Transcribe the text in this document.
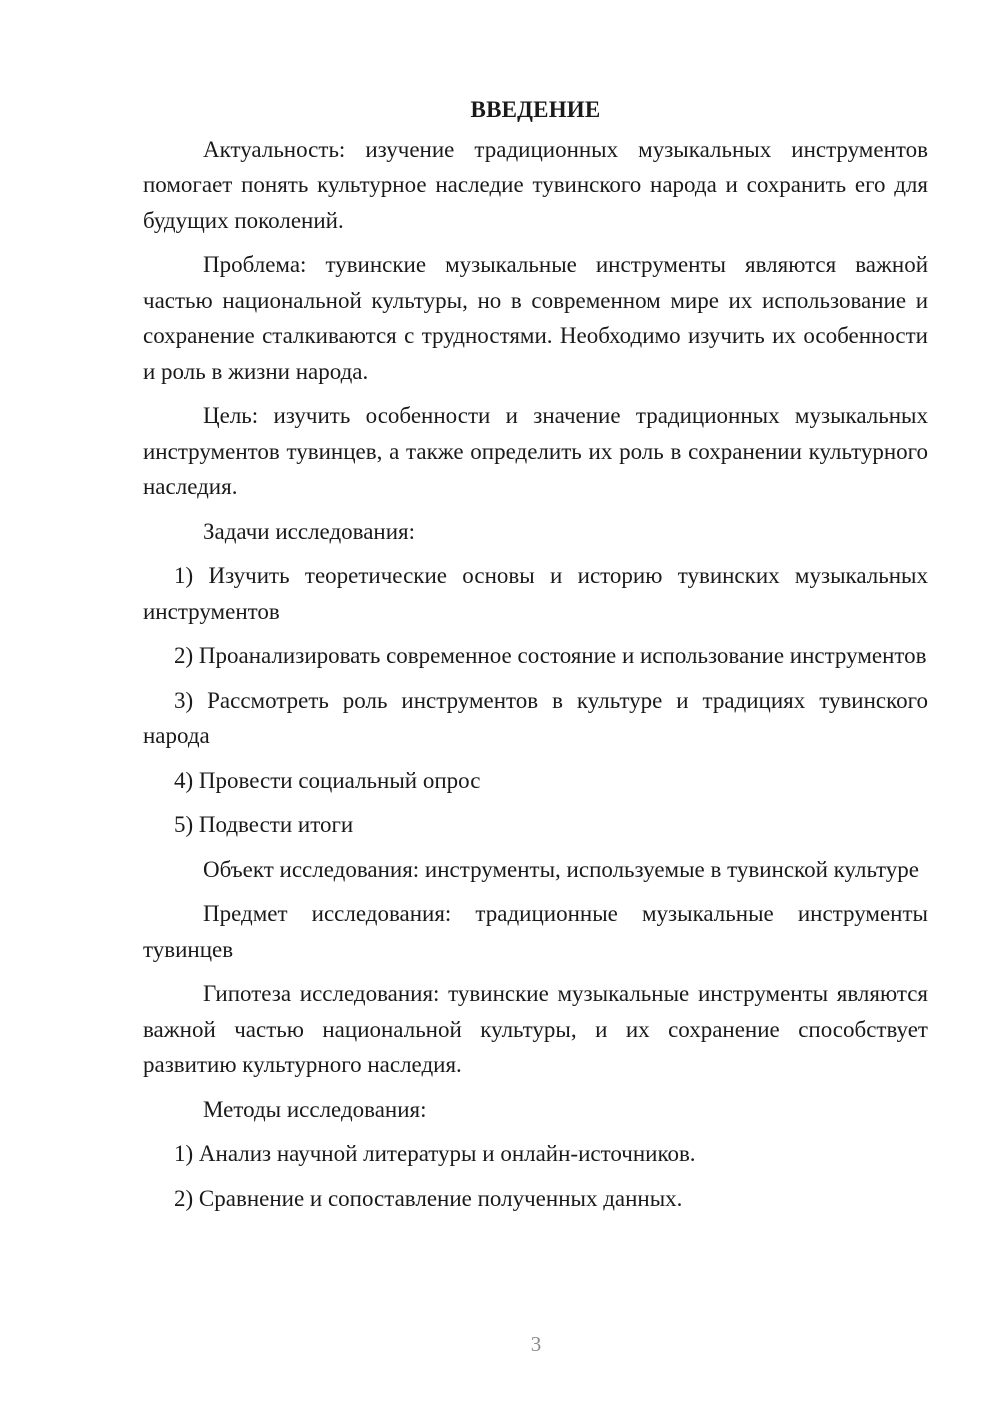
ВВЕДЕНИЕ

Актуальность: изучение традиционных музыкальных инструментов помогает понять культурное наследие тувинского народа и сохранить его для будущих поколений.

Проблема: тувинские музыкальные инструменты являются важной частью национальной культуры, но в современном мире их использование и сохранение сталкиваются с трудностями. Необходимо изучить их особенности и роль в жизни народа.

Цель: изучить особенности и значение традиционных музыкальных инструментов тувинцев, а также определить их роль в сохранении культурного наследия.

Задачи исследования:

1) Изучить теоретические основы и историю тувинских музыкальных инструментов

2) Проанализировать современное состояние и использование инструментов

3) Рассмотреть роль инструментов в культуре и традициях тувинского народа

4) Провести социальный опрос

5) Подвести итоги

Объект исследования: инструменты, используемые в тувинской культуре

Предмет исследования: традиционные музыкальные инструменты тувинцев

Гипотеза исследования: тувинские музыкальные инструменты являются важной частью национальной культуры, и их сохранение способствует развитию культурного наследия.

Методы исследования:

1) Анализ научной литературы и онлайн-источников.

2) Сравнение и сопоставление полученных данных.

3
